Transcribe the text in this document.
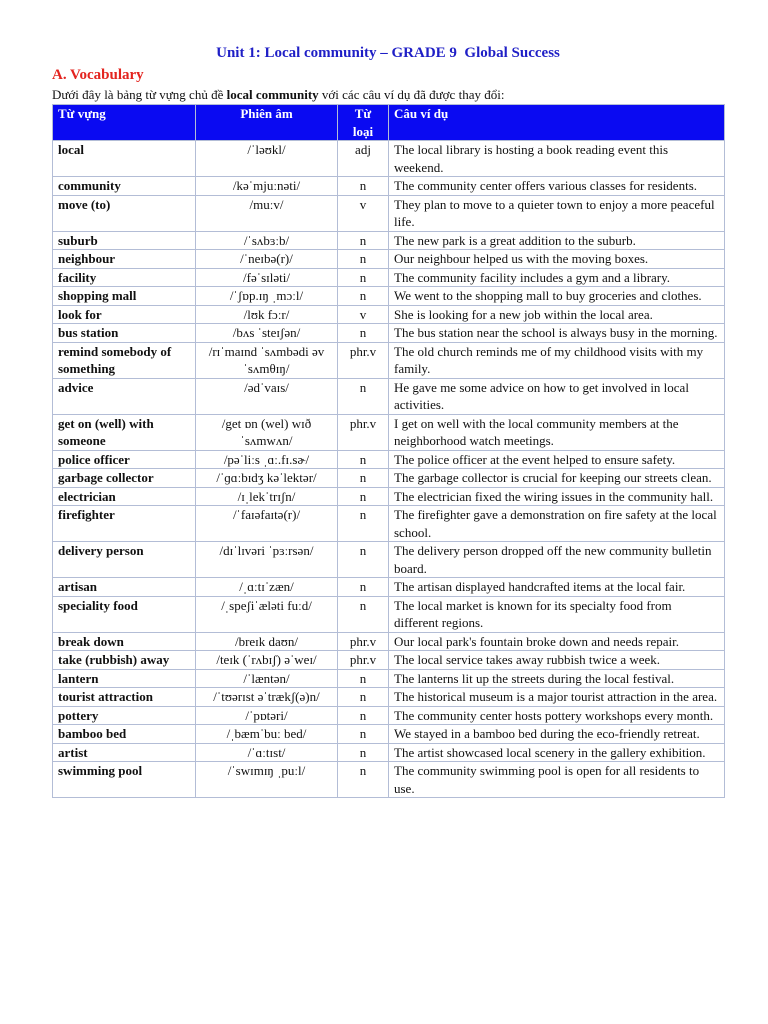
Unit 1: Local community – GRADE 9  Global Success
A. Vocabulary

Dưới đây là bảng từ vựng chủ đề local community với các câu ví dụ đã được thay đổi:

Từ vựng	Phiên âm	Từ loại	Câu ví dụ
local	/ˈləʊkl/	adj	The local library is hosting a book reading event this weekend.
community	/kəˈmjuːnəti/	n	The community center offers various classes for residents.
move (to)	/muːv/	v	They plan to move to a quieter town to enjoy a more peaceful life.
suburb	/ˈsʌbɜːb/	n	The new park is a great addition to the suburb.
neighbour	/ˈneɪbə(r)/	n	Our neighbour helped us with the moving boxes.
facility	/fəˈsɪləti/	n	The community facility includes a gym and a library.
shopping mall	/ˈʃɒp.ɪŋ ˌmɔːl/	n	We went to the shopping mall to buy groceries and clothes.
look for	/lʊk fɔːr/	v	She is looking for a new job within the local area.
bus station	/bʌs ˈsteɪʃən/	n	The bus station near the school is always busy in the morning.
remind somebody of something	/rɪˈmaɪnd ˈsʌmbədi əv ˈsʌmθɪŋ/	phr.v	The old church reminds me of my childhood visits with my family.
advice	/ədˈvaɪs/	n	He gave me some advice on how to get involved in local activities.
get on (well) with someone	/get ɒn (wel) wɪð ˈsʌmwʌn/	phr.v	I get on well with the local community members at the neighborhood watch meetings.
police officer	/pəˈliːs ˌɑː.fɪ.sɚ/	n	The police officer at the event helped to ensure safety.
garbage collector	/ˈɡɑːbɪdʒ kəˈlektər/	n	The garbage collector is crucial for keeping our streets clean.
electrician	/ɪˌlekˈtrɪʃn/	n	The electrician fixed the wiring issues in the community hall.
firefighter	/ˈfaɪəfaɪtə(r)/	n	The firefighter gave a demonstration on fire safety at the local school.
delivery person	/dɪˈlɪvəri ˈpɜːrsən/	n	The delivery person dropped off the new community bulletin board.
artisan	/ˌɑːtɪˈzæn/	n	The artisan displayed handcrafted items at the local fair.
speciality food	/ˌspeʃiˈæləti fuːd/	n	The local market is known for its specialty food from different regions.
break down	/breɪk daʊn/	phr.v	Our local park's fountain broke down and needs repair.
take (rubbish) away	/teɪk (ˈrʌbɪʃ) əˈweɪ/	phr.v	The local service takes away rubbish twice a week.
lantern	/ˈlæntən/	n	The lanterns lit up the streets during the local festival.
tourist attraction	/ˈtʊərɪst əˈtrækʃ(ə)n/	n	The historical museum is a major tourist attraction in the area.
pottery	/ˈpɒtəri/	n	The community center hosts pottery workshops every month.
bamboo bed	/ˌbæmˈbuː bed/	n	We stayed in a bamboo bed during the eco-friendly retreat.
artist	/ˈɑːtɪst/	n	The artist showcased local scenery in the gallery exhibition.
swimming pool	/ˈswɪmɪŋ ˌpuːl/	n	The community swimming pool is open for all residents to use.
